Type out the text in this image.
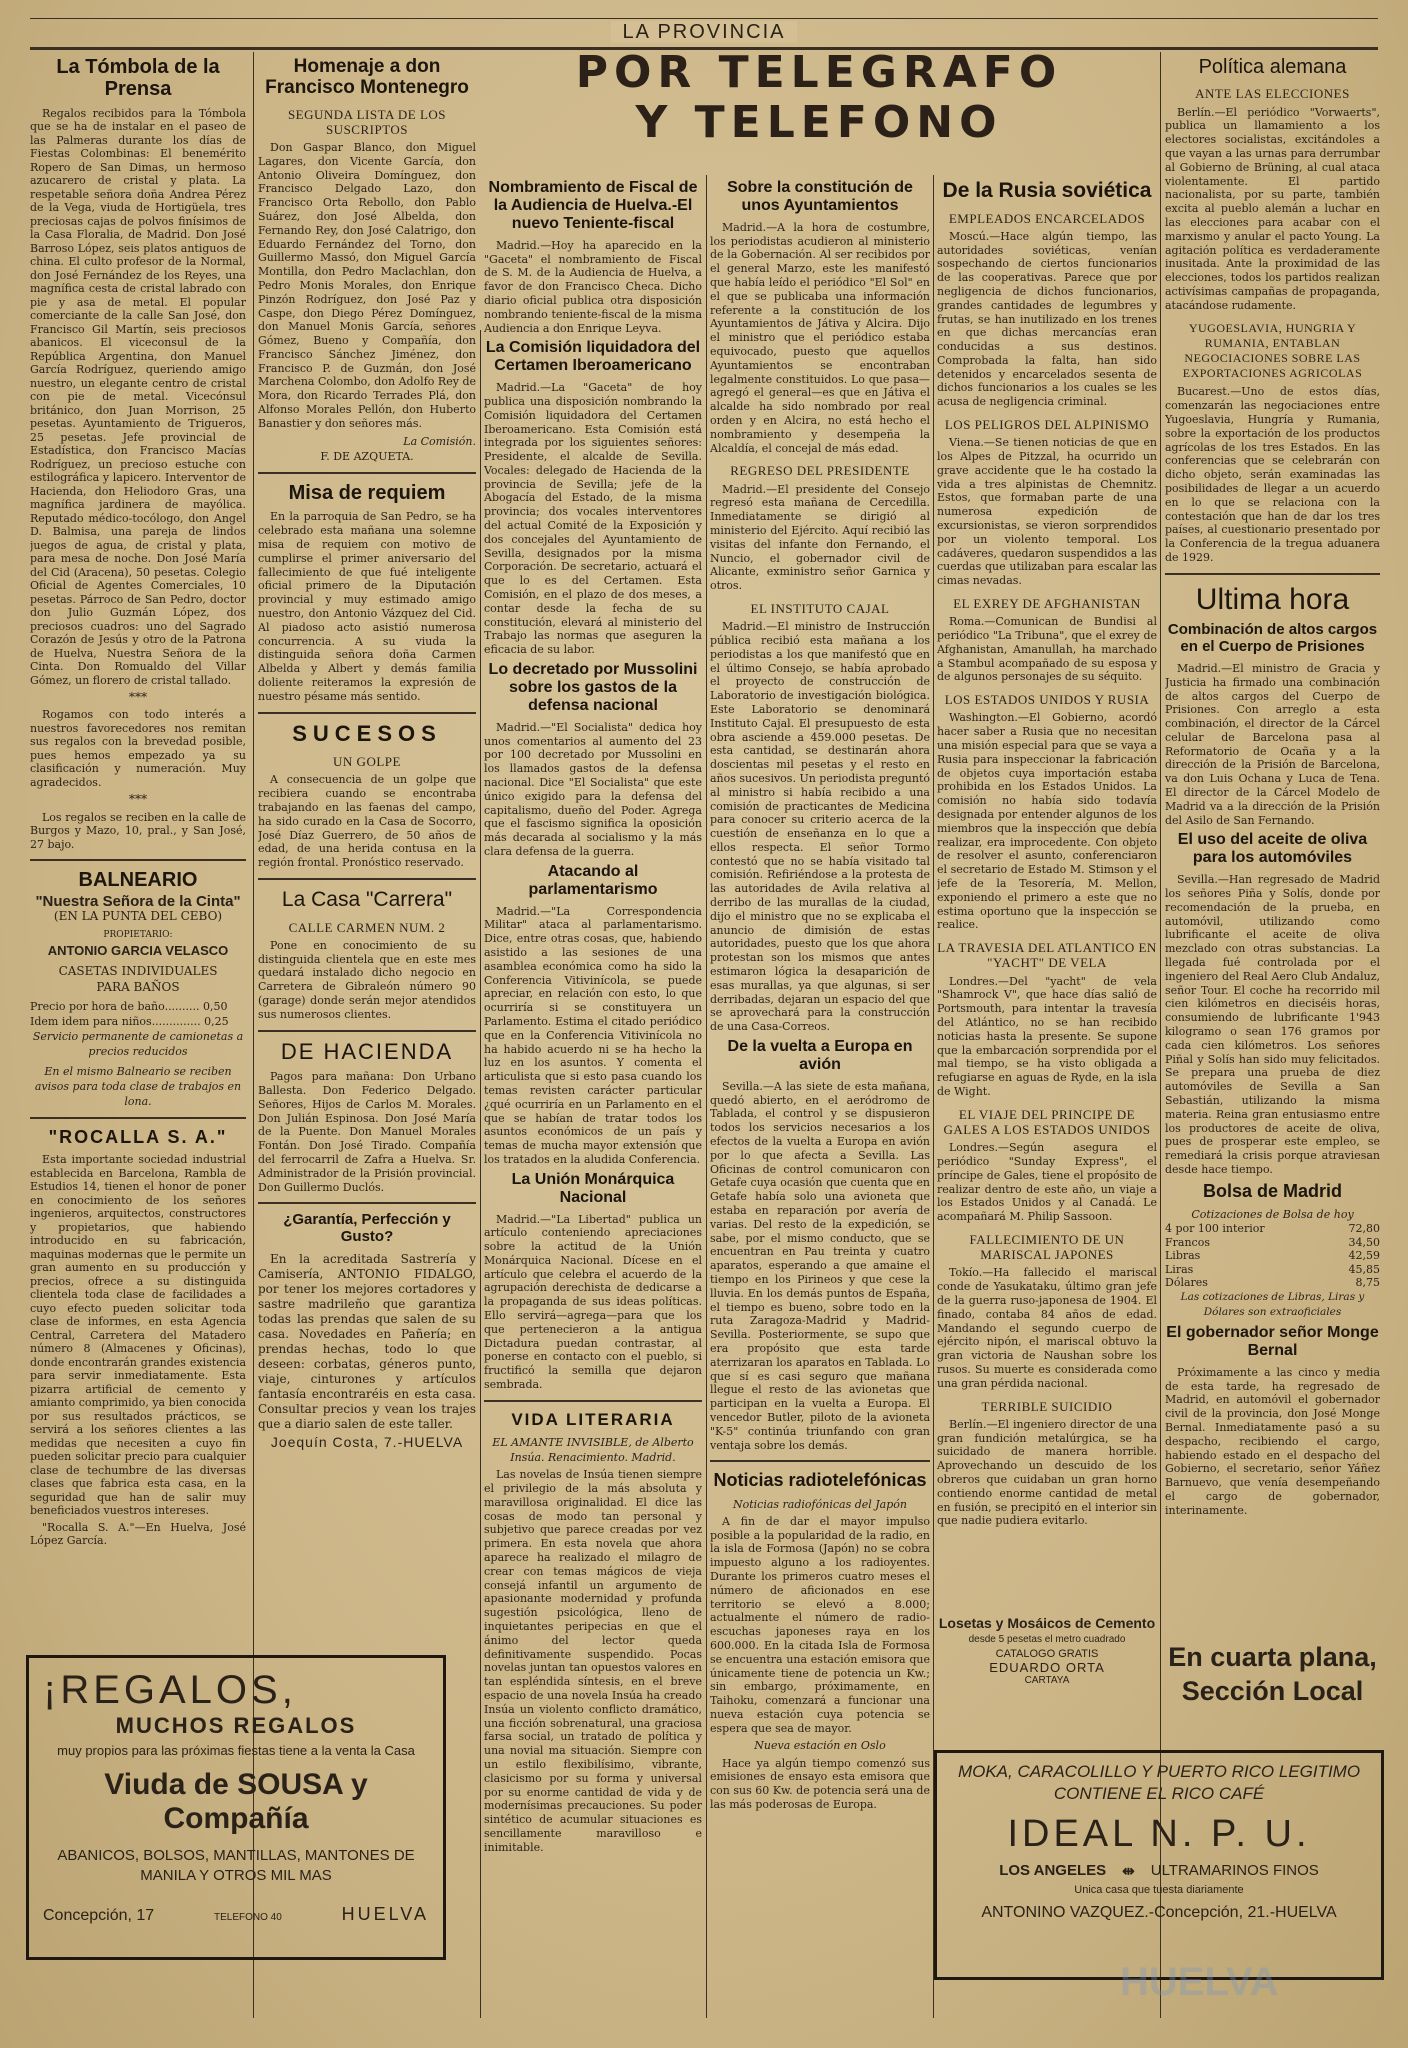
LA PROVINCIA
POR TELEGRAFO
Y TELEFONO
La Tómbola de la Prensa

Regalos recibidos para la Tómbola que se ha de instalar en el paseo de las Palmeras durante los días de Fiestas Colombinas: El benemérito Ropero de San Dimas, un hermoso azucarero de cristal y plata. La respetable señora doña Andrea Pérez de la Vega, viuda de Hortigüela, tres preciosas cajas de polvos finísimos de la Casa Floralia, de Madrid. Don José Barroso López, seis platos antiguos de china. El culto profesor de la Normal, don José Fernández de los Reyes, una magnífica cesta de cristal labrado con pie y asa de metal. El popular comerciante de la calle San José, don Francisco Gil Martín, seis preciosos abanicos. El viceconsul de la República Argentina, don Manuel García Rodríguez, queriendo amigo nuestro, un elegante centro de cristal con pie de metal. Vicecónsul británico, don Juan Morrison, 25 pesetas. Ayuntamiento de Trigueros, 25 pesetas. Jefe provincial de Estadística, don Francisco Macías Rodríguez, un precioso estuche con estilográfica y lapicero. Interventor de Hacienda, don Heliodoro Gras, una magnífica jardinera de mayólica. Reputado médico-tocólogo, don Angel D. Balmisa, una pareja de lindos juegos de agua, de cristal y plata, para mesa de noche. Don José María del Cid (Aracena), 50 pesetas. Colegio Oficial de Agentes Comerciales, 10 pesetas. Párroco de San Pedro, doctor don Julio Guzmán López, dos preciosos cuadros: uno del Sagrado Corazón de Jesús y otro de la Patrona de Huelva, Nuestra Señora de la Cinta. Don Romualdo del Villar Gómez, un florero de cristal tallado.

***

Rogamos con todo interés a nuestros favorecedores nos remitan sus regalos con la brevedad posible, pues hemos empezado ya su clasificación y numeración. Muy agradecidos.

***

Los regalos se reciben en la calle de Burgos y Mazo, 10, pral., y San José, 27 bajo.

BALNEARIO
"Nuestra Señora de la Cinta"
(EN LA PUNTA DEL CEBO)
PROPIETARIO:
ANTONIO GARCIA VELASCO
CASETAS INDIVIDUALES
PARA BAÑOS
Precio por hora de baño.......... 0,50
Idem idem para niños.............. 0,25
Servicio permanente de camionetas a precios reducidos
En el mismo Balneario se reciben avisos para toda clase de trabajos en lona.
"ROCALLA S. A."

Esta importante sociedad industrial establecida en Barcelona, Rambla de Estudios 14, tienen el honor de poner en conocimiento de los señores ingenieros, arquitectos, constructores y propietarios, que habiendo introducido en su fabricación, maquinas modernas que le permite un gran aumento en su producción y precios, ofrece a su distinguida clientela toda clase de facilidades a cuyo efecto pueden solicitar toda clase de informes, en esta Agencia Central, Carretera del Matadero número 8 (Almacenes y Oficinas), donde encontrarán grandes existencia para servir inmediatamente. Esta pizarra artificial de cemento y amianto comprimido, ya bien conocida por sus resultados prácticos, se servirá a los señores clientes a las medidas que necesiten a cuyo fin pueden solicitar precio para cualquier clase de techumbre de las diversas clases que fabrica esta casa, en la seguridad que han de salir muy beneficiados vuestros intereses.

"Rocalla S. A."—En Huelva, José López García.

Homenaje a don Francisco Montenegro
SEGUNDA LISTA DE LOS SUSCRIPTOS

Don Gaspar Blanco, don Miguel Lagares, don Vicente García, don Antonio Oliveira Domínguez, don Francisco Delgado Lazo, don Francisco Orta Rebollo, don Pablo Suárez, don José Albelda, don Fernando Rey, don José Calatrigo, don Eduardo Fernández del Torno, don Guillermo Massó, don Miguel García Montilla, don Pedro Maclachlan, don Pedro Monis Morales, don Enrique Pinzón Rodríguez, don José Paz y Caspe, don Diego Pérez Domínguez, don Manuel Monis García, señores Gómez, Bueno y Compañía, don Francisco Sánchez Jiménez, don Francisco P. de Guzmán, don José Marchena Colombo, don Adolfo Rey de Mora, don Ricardo Terrades Plá, don Alfonso Morales Pellón, don Huberto Banastier y don señores más.

La Comisión.
F. DE AZQUETA.
Misa de requiem

En la parroquia de San Pedro, se ha celebrado esta mañana una solemne misa de requiem con motivo de cumplirse el primer aniversario del fallecimiento de que fué inteligente oficial primero de la Diputación provincial y muy estimado amigo nuestro, don Antonio Vázquez del Cid. Al piadoso acto asistió numerosa concurrencia. A su viuda la distinguida señora doña Carmen Albelda y Albert y demás familia doliente reiteramos la expresión de nuestro pésame más sentido.

SUCESOS
UN GOLPE

A consecuencia de un golpe que recibiera cuando se encontraba trabajando en las faenas del campo, ha sido curado en la Casa de Socorro, José Díaz Guerrero, de 50 años de edad, de una herida contusa en la región frontal. Pronóstico reservado.

La Casa "Carrera"
CALLE CARMEN NUM. 2

Pone en conocimiento de su distinguida clientela que en este mes quedará instalado dicho negocio en Carretera de Gibraleón número 90 (garage) donde serán mejor atendidos sus numerosos clientes.

DE HACIENDA

Pagos para mañana: Don Urbano Ballesta. Don Federico Delgado. Señores, Hijos de Carlos M. Morales. Don Julián Espinosa. Don José María de la Puente. Don Manuel Morales Fontán. Don José Tirado. Compañía del ferrocarril de Zafra a Huelva. Sr. Administrador de la Prisión provincial. Don Guillermo Duclós.

¿Garantía, Perfección y Gusto?

En la acreditada Sastrería y Camisería, ANTONIO FIDALGO, por tener los mejores cortadores y sastre madrileño que garantiza todas las prendas que salen de su casa. Novedades en Pañería; en prendas hechas, todo lo que deseen: corbatas, géneros punto, viaje, cinturones y artículos fantasía encontraréis en esta casa. Consultar precios y vean los trajes que a diario salen de este taller.

Joequín Costa, 7.-HUELVA
Nombramiento de Fiscal de la Audiencia de Huelva.-El nuevo Teniente-fiscal

Madrid.—Hoy ha aparecido en la "Gaceta" el nombramiento de Fiscal de S. M. de la Audiencia de Huelva, a favor de don Francisco Checa. Dicho diario oficial publica otra disposición nombrando teniente-fiscal de la misma Audiencia a don Enrique Leyva.

La Comisión liquidadora del Certamen Iberoamericano

Madrid.—La "Gaceta" de hoy publica una disposición nombrando la Comisión liquidadora del Certamen Iberoamericano. Esta Comisión está integrada por los siguientes señores: Presidente, el alcalde de Sevilla. Vocales: delegado de Hacienda de la provincia de Sevilla; jefe de la Abogacía del Estado, de la misma provincia; dos vocales interventores del actual Comité de la Exposición y dos concejales del Ayuntamiento de Sevilla, designados por la misma Corporación. De secretario, actuará el que lo es del Certamen. Esta Comisión, en el plazo de dos meses, a contar desde la fecha de su constitución, elevará al ministerio del Trabajo las normas que aseguren la eficacia de su labor.

Lo decretado por Mussolini sobre los gastos de la defensa nacional

Madrid.—"El Socialista" dedica hoy unos comentarios al aumento del 23 por 100 decretado por Mussolini en los llamados gastos de la defensa nacional. Dice "El Socialista" que este único exigido para la defensa del capitalismo, dueño del Poder. Agrega que el fascismo significa la oposición más decarada al socialismo y la más clara defensa de la guerra.

Atacando al parlamentarismo

Madrid.—"La Correspondencia Militar" ataca al parlamentarismo. Dice, entre otras cosas, que, habiendo asistido a las sesiones de una asamblea económica como ha sido la Conferencia Vitivinícola, se puede apreciar, en relación con esto, lo que ocurriría si se constituyera un Parlamento. Estima el citado periódico que en la Conferencia Vitivinícola no ha habido acuerdo ni se ha hecho la luz en los asuntos. Y comenta el articulista que si esto pasa cuando los temas revisten carácter particular ¿qué ocurriría en un Parlamento en el que se habían de tratar todos los asuntos económicos de un país y temas de mucha mayor extensión que los tratados en la aludida Conferencia.

La Unión Monárquica Nacional

Madrid.—"La Libertad" publica un artículo conteniendo apreciaciones sobre la actitud de la Unión Monárquica Nacional. Dícese en el artículo que celebra el acuerdo de la agrupación derechista de dedicarse a la propaganda de sus ideas políticas. Ello servirá—agrega—para que los que pertenecieron a la antigua Dictadura puedan contrastar, al ponerse en contacto con el pueblo, si fructificó la semilla que dejaron sembrada.

VIDA LITERARIA

EL AMANTE INVISIBLE, de Alberto Insúa. Renacimiento. Madrid.

Las novelas de Insúa tienen siempre el privilegio de la más absoluta y maravillosa originalidad. El dice las cosas de modo tan personal y subjetivo que parece creadas por vez primera. En esta novela que ahora aparece ha realizado el milagro de crear con temas mágicos de vieja consejá infantil un argumento de apasionante modernidad y profunda sugestión psicológica, lleno de inquietantes peripecias en que el ánimo del lector queda definitivamente suspendido. Pocas novelas juntan tan opuestos valores en tan espléndida síntesis, en el breve espacio de una novela Insúa ha creado Insúa un violento conflicto dramático, una ficción sobrenatural, una graciosa farsa social, un tratado de política y una novial ma situación. Siempre con un estilo flexibilísimo, vibrante, clasicismo por su forma y universal por su enorme cantidad de vida y de modernísimas precauciones. Su poder sintético de acumular situaciones es sencillamente maravilloso e inimitable.

Sobre la constitución de unos Ayuntamientos

Madrid.—A la hora de costumbre, los periodistas acudieron al ministerio de la Gobernación. Al ser recibidos por el general Marzo, este les manifestó que había leído el periódico "El Sol" en el que se publicaba una información referente a la constitución de los Ayuntamientos de Játiva y Alcira. Dijo el ministro que el periódico estaba equivocado, puesto que aquellos Ayuntamientos se encontraban legalmente constituidos. Lo que pasa—agregó el general—es que en Játiva el alcalde ha sido nombrado por real orden y en Alcira, no está hecho el nombramiento y desempeña la Alcaldía, el concejal de más edad.

REGRESO DEL PRESIDENTE

Madrid.—El presidente del Consejo regresó esta mañana de Cercedilla. Inmediatamente se dirigió al ministerio del Ejército. Aquí recibió las visitas del infante don Fernando, el Nuncio, el gobernador civil de Alicante, exministro señor Garnica y otros.

EL INSTITUTO CAJAL

Madrid.—El ministro de Instrucción pública recibió esta mañana a los periodistas a los que manifestó que en el último Consejo, se había aprobado el proyecto de construcción de Laboratorio de investigación biológica. Este Laboratorio se denominará Instituto Cajal. El presupuesto de esta obra asciende a 459.000 pesetas. De esta cantidad, se destinarán ahora doscientas mil pesetas y el resto en años sucesivos. Un periodista preguntó al ministro si había recibido a una comisión de practicantes de Medicina para conocer su criterio acerca de la cuestión de enseñanza en lo que a ellos respecta. El señor Tormo contestó que no se había visitado tal comisión. Refiriéndose a la protesta de las autoridades de Avila relativa al derribo de las murallas de la ciudad, dijo el ministro que no se explicaba el anuncio de dimisión de estas autoridades, puesto que los que ahora protestan son los mismos que antes estimaron lógica la desaparición de esas murallas, ya que algunas, si ser derribadas, dejaran un espacio del que se aprovechará para la construcción de una Casa-Correos.

De la vuelta a Europa en avión

Sevilla.—A las siete de esta mañana, quedó abierto, en el aeródromo de Tablada, el control y se dispusieron todos los servicios necesarios a los efectos de la vuelta a Europa en avión por lo que afecta a Sevilla. Las Oficinas de control comunicaron con Getafe cuya ocasión que cuenta que en Getafe había solo una avioneta que estaba en reparación por avería de varias. Del resto de la expedición, se sabe, por el mismo conducto, que se encuentran en Pau treinta y cuatro aparatos, esperando a que amaine el tiempo en los Pirineos y que cese la lluvia. En los demás puntos de España, el tiempo es bueno, sobre todo en la ruta Zaragoza-Madrid y Madrid-Sevilla. Posteriormente, se supo que era propósito que esta tarde aterrizaran los aparatos en Tablada. Lo que sí es casi seguro que mañana llegue el resto de las avionetas que participan en la vuelta a Europa. El vencedor Butler, piloto de la avioneta "K-5" continúa triunfando con gran ventaja sobre los demás.

Noticias radiotelefónicas

Noticias radiofónicas del Japón

A fin de dar el mayor impulso posible a la popularidad de la radio, en la isla de Formosa (Japón) no se cobra impuesto alguno a los radioyentes. Durante los primeros cuatro meses el número de aficionados en ese territorio se elevó a 8.000; actualmente el número de radio-escuchas japoneses raya en los 600.000. En la citada Isla de Formosa se encuentra una estación emisora que únicamente tiene de potencia un Kw.; sin embargo, próximamente, en Taihoku, comenzará a funcionar una nueva estación cuya potencia se espera que sea de mayor.

Nueva estación en Oslo

Hace ya algún tiempo comenzó sus emisiones de ensayo esta emisora que con sus 60 Kw. de potencia será una de las más poderosas de Europa.

De la Rusia soviética
EMPLEADOS ENCARCELADOS

Moscú.—Hace algún tiempo, las autoridades soviéticas, venían sospechando de ciertos funcionarios de las cooperativas. Parece que por negligencia de dichos funcionarios, grandes cantidades de legumbres y frutas, se han inutilizado en los trenes en que dichas mercancías eran conducidas a sus destinos. Comprobada la falta, han sido detenidos y encarcelados sesenta de dichos funcionarios a los cuales se les acusa de negligencia criminal.

LOS PELIGROS DEL ALPINISMO

Viena.—Se tienen noticias de que en los Alpes de Pitzzal, ha ocurrido un grave accidente que le ha costado la vida a tres alpinistas de Chemnitz. Estos, que formaban parte de una numerosa expedición de excursionistas, se vieron sorprendidos por un violento temporal. Los cadáveres, quedaron suspendidos a las cuerdas que utilizaban para escalar las cimas nevadas.

EL EXREY DE AFGHANISTAN

Roma.—Comunican de Bundisi al periódico "La Tribuna", que el exrey de Afghanistan, Amanullah, ha marchado a Stambul acompañado de su esposa y de algunos personajes de su séquito.

LOS ESTADOS UNIDOS Y RUSIA

Washington.—El Gobierno, acordó hacer saber a Rusia que no necesitan una misión especial para que se vaya a Rusia para inspeccionar la fabricación de objetos cuya importación estaba prohibida en los Estados Unidos. La comisión no había sido todavía designada por entender algunos de los miembros que la inspección que debía realizar, era improcedente. Con objeto de resolver el asunto, conferenciaron el secretario de Estado M. Stimson y el jefe de la Tesorería, M. Mellon, exponiendo el primero a este que no estima oportuno que la inspección se realice.

LA TRAVESIA DEL ATLANTICO EN "YACHT" DE VELA

Londres.—Del "yacht" de vela "Shamrock V", que hace días salió de Portsmouth, para intentar la travesía del Atlántico, no se han recibido noticias hasta la presente. Se supone que la embarcación sorprendida por el mal tiempo, se ha visto obligada a refugiarse en aguas de Ryde, en la isla de Wight.

EL VIAJE DEL PRINCIPE DE GALES A LOS ESTADOS UNIDOS

Londres.—Según asegura el periódico "Sunday Express", el príncipe de Gales, tiene el propósito de realizar dentro de este año, un viaje a los Estados Unidos y al Canadá. Le acompañará M. Philip Sassoon.

FALLECIMIENTO DE UN MARISCAL JAPONES

Tokío.—Ha fallecido el mariscal conde de Yasukataku, último gran jefe de la guerra ruso-japonesa de 1904. El finado, contaba 84 años de edad. Mandando el segundo cuerpo de ejército nipón, el mariscal obtuvo la gran victoria de Naushan sobre los rusos. Su muerte es considerada como una gran pérdida nacional.

TERRIBLE SUICIDIO

Berlín.—El ingeniero director de una gran fundición metalúrgica, se ha suicidado de manera horrible. Aprovechando un descuido de los obreros que cuidaban un gran horno contiendo enorme cantidad de metal en fusión, se precipitó en el interior sin que nadie pudiera evitarlo.

Losetas y Mosáicos de Cemento
desde 5 pesetas el metro cuadrado
CATALOGO GRATIS
EDUARDO ORTA
CARTAYA
Política alemana
ANTE LAS ELECCIONES

Berlín.—El periódico "Vorwaerts", publica un llamamiento a los electores socialistas, excitándoles a que vayan a las urnas para derrumbar al Gobierno de Brüning, al cual ataca violentamente. El partido nacionalista, por su parte, también excita al pueblo alemán a luchar en las elecciones para acabar con el marxismo y anular el pacto Young. La agitación política es verdaderamente inusitada. Ante la proximidad de las elecciones, todos los partidos realizan activísimas campañas de propaganda, atacándose rudamente.

YUGOESLAVIA, HUNGRIA Y RUMANIA, ENTABLAN NEGOCIACIONES SOBRE LAS EXPORTACIONES AGRICOLAS

Bucarest.—Uno de estos días, comenzarán las negociaciones entre Yugoeslavia, Hungría y Rumania, sobre la exportación de los productos agrícolas de los tres Estados. En las conferencias que se celebrarán con dicho objeto, serán examinadas las posibilidades de llegar a un acuerdo en lo que se relaciona con la contestación que han de dar los tres países, al cuestionario presentado por la Conferencia de la tregua aduanera de 1929.

Ultima hora
Combinación de altos cargos en el Cuerpo de Prisiones

Madrid.—El ministro de Gracia y Justicia ha firmado una combinación de altos cargos del Cuerpo de Prisiones. Con arreglo a esta combinación, el director de la Cárcel celular de Barcelona pasa al Reformatorio de Ocaña y a la dirección de la Prisión de Barcelona, va don Luis Ochana y Luca de Tena. El director de la Cárcel Modelo de Madrid va a la dirección de la Prisión del Asilo de San Fernando.

El uso del aceite de oliva para los automóviles

Sevilla.—Han regresado de Madrid los señores Piña y Solís, donde por recomendación de la prueba, en automóvil, utilizando como lubrificante el aceite de oliva mezclado con otras substancias. La llegada fué controlada por el ingeniero del Real Aero Club Andaluz, señor Tour. El coche ha recorrido mil cien kilómetros en dieciséis horas, consumiendo de lubrificante 1'943 kilogramo o sean 176 gramos por cada cien kilómetros. Los señores Piñal y Solís han sido muy felicitados. Se prepara una prueba de diez automóviles de Sevilla a San Sebastián, utilizando la misma materia. Reina gran entusiasmo entre los productores de aceite de oliva, pues de prosperar este empleo, se remediará la crisis porque atraviesan desde hace tiempo.

Bolsa de Madrid
Cotizaciones de Bolsa de hoy
4 por 100 interior	72,80
Francos	34,50
Libras	42,59
Liras	45,85
Dólares	8,75
Las cotizaciones de Libras, Liras y Dólares son extraoficiales
El gobernador señor Monge Bernal

Próximamente a las cinco y media de esta tarde, ha regresado de Madrid, en automóvil el gobernador civil de la provincia, don José Monge Bernal. Inmediatamente pasó a su despacho, recibiendo el cargo, habiendo estado en el despacho del Gobierno, el secretario, señor Yáñez Barnuevo, que venía desempeñando el cargo de gobernador, interinamente.

En cuarta plana, Sección Local
¡REGALOS,
MUCHOS REGALOS
muy propios para las próximas fiestas tiene a la venta la Casa
Viuda de SOUSA y Compañía
ABANICOS, BOLSOS, MANTILLAS, MANTONES DE MANILA Y OTROS MIL MAS
Concepción, 17	TELEFONO 40	HUELVA
MOKA, CARACOLILLO Y PUERTO RICO LEGITIMO CONTIENE EL RICO CAFÉ
IDEAL N. P. U.
LOS ANGELES ⇹ ULTRAMARINOS FINOS
Unica casa que tuesta diariamente
ANTONINO VAZQUEZ.-Concepción, 21.-HUELVA
HUELVA
